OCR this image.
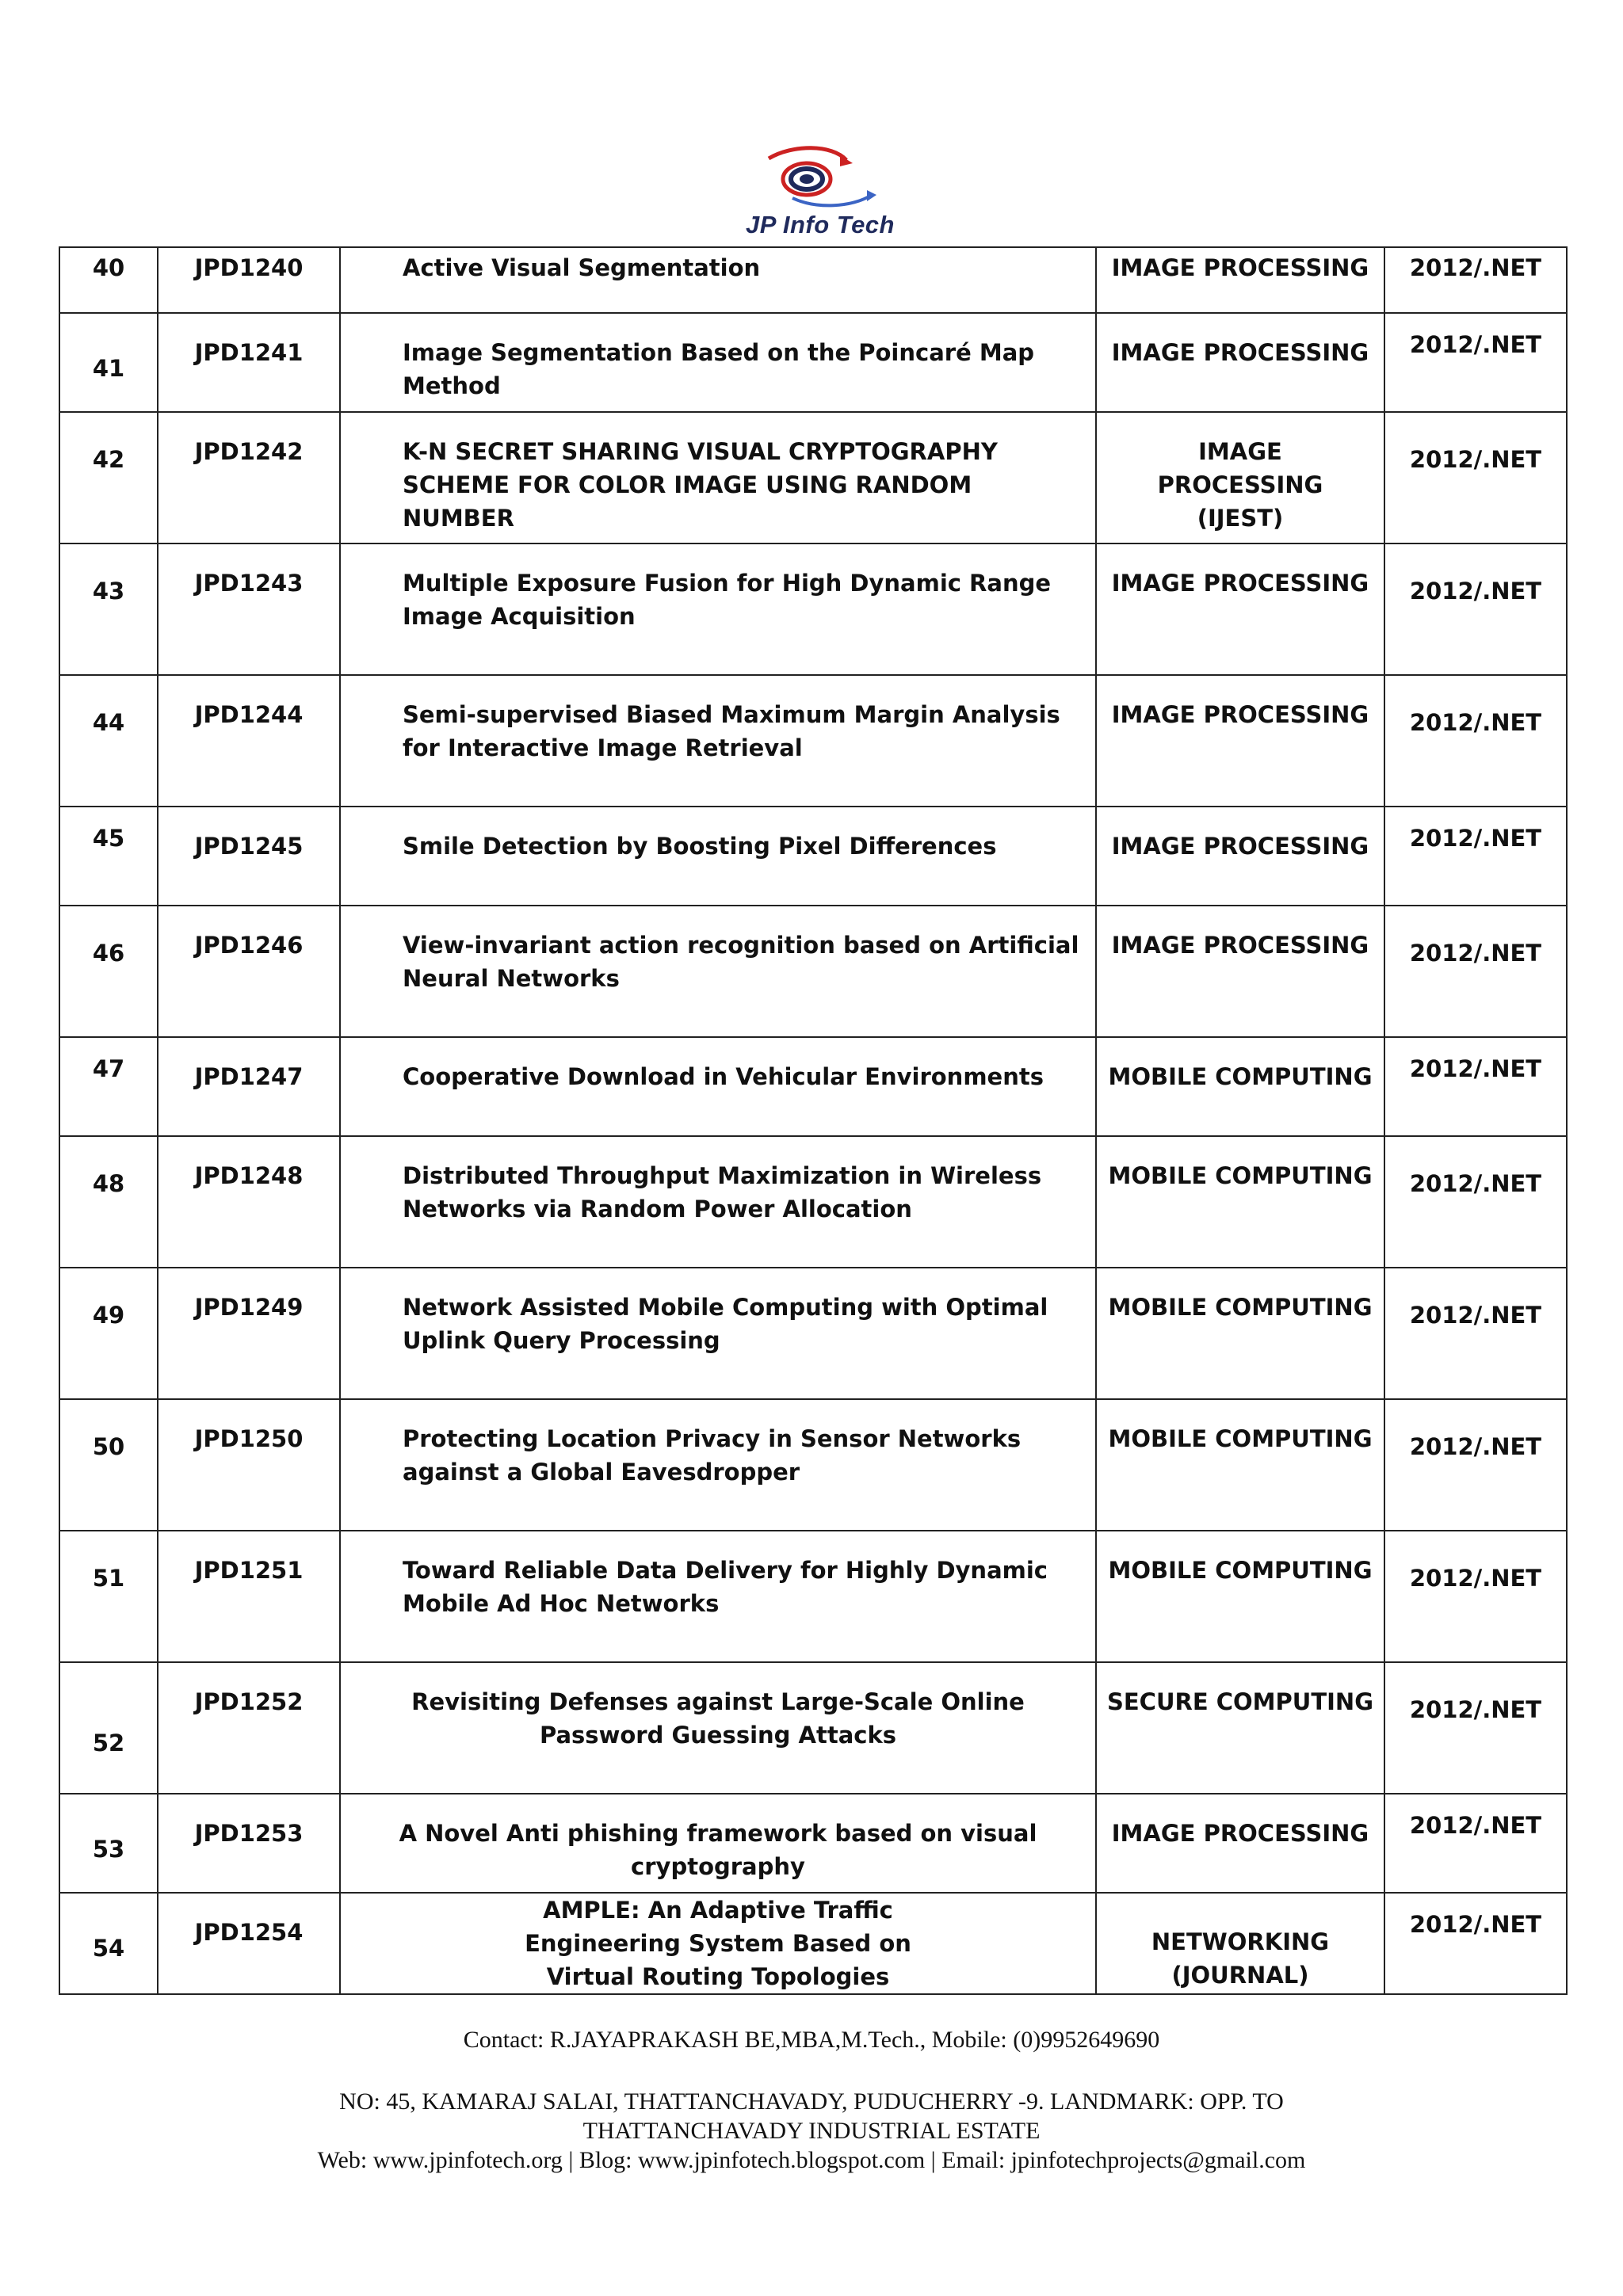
JP Info Tech
40	JPD1240	Active Visual Segmentation	IMAGE PROCESSING	2012/.NET

41	JPD1241	Image Segmentation Based on the Poincaré Map Method	IMAGE PROCESSING	2012/.NET

42	JPD1242	K-N SECRET SHARING VISUAL CRYPTOGRAPHY SCHEME FOR COLOR IMAGE USING RANDOM NUMBER	IMAGE PROCESSING (IJEST)	2012/.NET

43	JPD1243	Multiple Exposure Fusion for High Dynamic Range Image Acquisition	IMAGE PROCESSING	2012/.NET

44	JPD1244	Semi-supervised Biased Maximum Margin Analysis for Interactive Image Retrieval	IMAGE PROCESSING	2012/.NET

45	JPD1245	Smile Detection by Boosting Pixel Differences	IMAGE PROCESSING	2012/.NET

46	JPD1246	View-invariant action recognition based on Artificial Neural Networks	IMAGE PROCESSING	2012/.NET

47	JPD1247	Cooperative Download in Vehicular Environments	MOBILE COMPUTING	2012/.NET

48	JPD1248	Distributed Throughput Maximization in Wireless Networks via Random Power Allocation	MOBILE COMPUTING	2012/.NET

49	JPD1249	Network Assisted Mobile Computing with Optimal Uplink Query Processing	MOBILE COMPUTING	2012/.NET

50	JPD1250	Protecting Location Privacy in Sensor Networks against a Global Eavesdropper	MOBILE COMPUTING	2012/.NET

51	JPD1251	Toward Reliable Data Delivery for Highly Dynamic Mobile Ad Hoc Networks	MOBILE COMPUTING	2012/.NET

52	JPD1252	Revisiting Defenses against Large-Scale Online Password Guessing Attacks	SECURE COMPUTING	2012/.NET

53	JPD1253	A Novel Anti phishing framework based on visual cryptography	IMAGE PROCESSING	2012/.NET

54	JPD1254	AMPLE: An Adaptive Traffic Engineering System Based on Virtual Routing Topologies	NETWORKING (JOURNAL)	2012/.NET
Contact: R.JAYAPRAKASH BE,MBA,M.Tech., Mobile: (0)9952649690
NO: 45, KAMARAJ SALAI, THATTANCHAVADY, PUDUCHERRY -9. LANDMARK: OPP. TO
THATTANCHAVADY INDUSTRIAL ESTATE
Web: www.jpinfotech.org | Blog: www.jpinfotech.blogspot.com | Email: jpinfotechprojects@gmail.com
